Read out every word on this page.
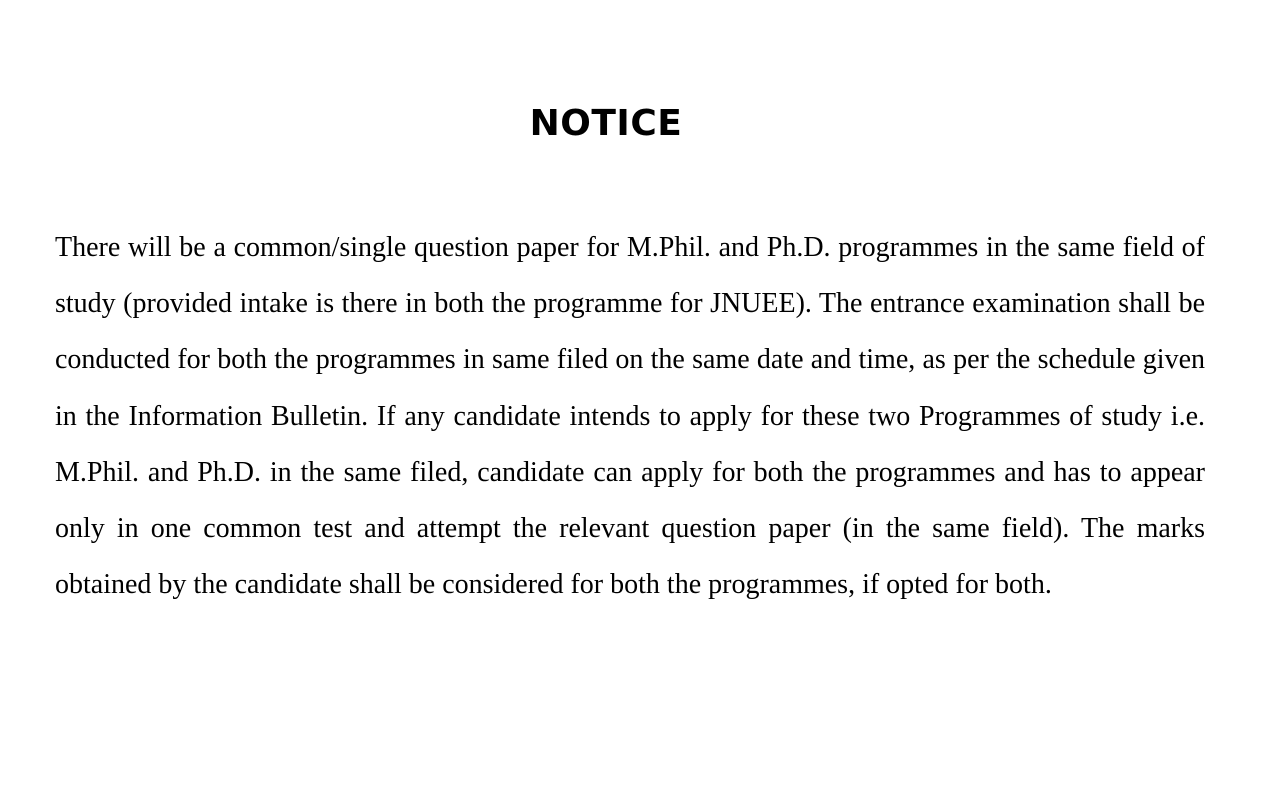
NOTICE

There will be a common/single question paper for M.Phil. and Ph.D. programmes in the same field of study (provided intake is there in both the programme for JNUEE). The entrance examination shall be conducted for both the programmes in same filed on the same date and time, as per the schedule given in the Information Bulletin. If any candidate intends to apply for these two Programmes of study i.e. M.Phil. and Ph.D. in the same filed, candidate can apply for both the programmes and has to appear only in one common test and attempt the relevant question paper (in the same field). The marks obtained by the candidate shall be considered for both the programmes, if opted for both.
